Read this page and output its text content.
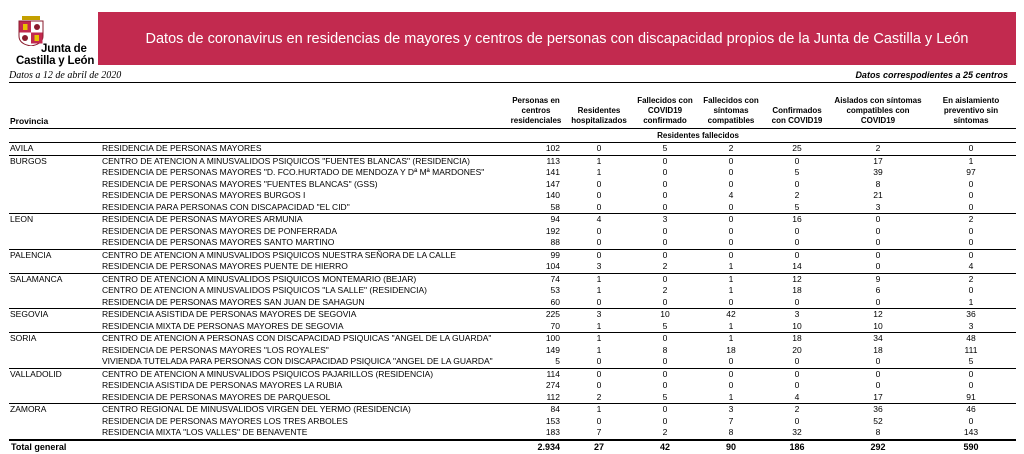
Junta de
Castilla y León
Datos de coronavirus en residencias de mayores y centros de personas con discapacidad propios de la Junta de Castilla y León
Datos a 12 de abril de 2020	Datos correspodientes a 25 centros
Provincia		Personas en centros residenciales	Residentes hospitalizados	Fallecidos con COVID19 confirmado	Fallecidos con síntomas compatibles	Confirmados con COVID19	Aislados con síntomas compatibles con COVID19	En aislamiento preventivo sin síntomas
				Residentes fallecidos				
AVILA	RESIDENCIA DE PERSONAS MAYORES	102	0	5	2	25	2	0
BURGOS	CENTRO DE ATENCION A MINUSVALIDOS PSIQUICOS "FUENTES BLANCAS" (RESIDENCIA)	113	1	0	0	0	17	1
	RESIDENCIA DE PERSONAS MAYORES "D. FCO.HURTADO DE MENDOZA Y Dª Mª MARDONES"	141	1	0	0	5	39	97
	RESIDENCIA DE PERSONAS MAYORES "FUENTES BLANCAS" (GSS)	147	0	0	0	0	8	0
	RESIDENCIA DE PERSONAS MAYORES BURGOS I	140	0	0	4	2	21	0
	RESIDENCIA PARA PERSONAS CON DISCAPACIDAD "EL CID"	58	0	0	0	5	3	0
LEON	RESIDENCIA DE PERSONAS MAYORES ARMUNIA	94	4	3	0	16	0	2
	RESIDENCIA DE PERSONAS MAYORES DE PONFERRADA	192	0	0	0	0	0	0
	RESIDENCIA DE PERSONAS MAYORES SANTO MARTINO	88	0	0	0	0	0	0
PALENCIA	CENTRO DE ATENCION A MINUSVALIDOS PSIQUICOS NUESTRA SEÑORA DE LA CALLE	99	0	0	0	0	0	0
	RESIDENCIA DE PERSONAS MAYORES PUENTE DE HIERRO	104	3	2	1	14	0	4
SALAMANCA	CENTRO DE ATENCION A MINUSVALIDOS PSIQUICOS MONTEMARIO (BEJAR)	74	1	0	1	12	9	2
	CENTRO DE ATENCION A MINUSVALIDOS PSIQUICOS "LA SALLE" (RESIDENCIA)	53	1	2	1	18	6	0
	RESIDENCIA DE PERSONAS MAYORES SAN JUAN DE SAHAGUN	60	0	0	0	0	0	1
SEGOVIA	RESIDENCIA ASISTIDA DE PERSONAS MAYORES DE SEGOVIA	225	3	10	42	3	12	36
	RESIDENCIA MIXTA DE PERSONAS MAYORES DE SEGOVIA	70	1	5	1	10	10	3
SORIA	CENTRO DE ATENCION A PERSONAS CON DISCAPACIDAD PSIQUICAS "ANGEL DE LA GUARDA"	100	1	0	1	18	34	48
	RESIDENCIA DE PERSONAS MAYORES "LOS ROYALES"	149	1	8	18	20	18	111
	VIVIENDA TUTELADA PARA PERSONAS CON DISCAPACIDAD PSIQUICA "ANGEL DE LA GUARDA"	5	0	0	0	0	0	5
VALLADOLID	CENTRO DE ATENCION A MINUSVALIDOS PSIQUICOS PAJARILLOS (RESIDENCIA)	114	0	0	0	0	0	0
	RESIDENCIA ASISTIDA DE PERSONAS MAYORES LA RUBIA	274	0	0	0	0	0	0
	RESIDENCIA DE PERSONAS MAYORES DE PARQUESOL	112	2	5	1	4	17	91
ZAMORA	CENTRO REGIONAL DE MINUSVALIDOS VIRGEN DEL YERMO (RESIDENCIA)	84	1	0	3	2	36	46
	RESIDENCIA DE PERSONAS MAYORES LOS TRES ARBOLES	153	0	0	7	0	52	0
	RESIDENCIA MIXTA "LOS VALLES" DE BENAVENTE	183	7	2	8	32	8	143
Total general		2.934	27	42	90	186	292	590
